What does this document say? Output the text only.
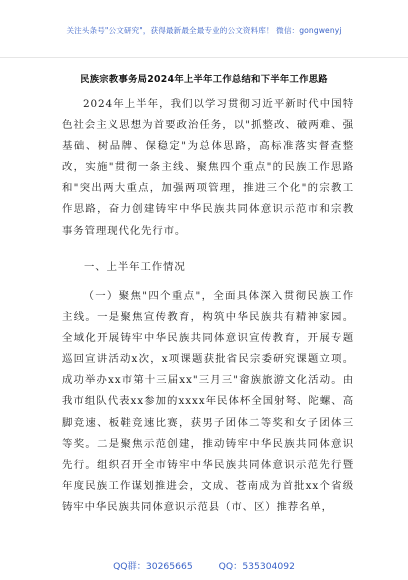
关注头条号"公文研究"，获得最新最全最专业的公文资料库！ 微信：gongwenyj
民族宗教事务局2024年上半年工作总结和下半年工作思路
2024年上半年，我们以学习贯彻习近平新时代中国特色社会主义思想为首要政治任务，以"抓整改、破两难、强基础、树品牌、保稳定"为总体思路，高标准落实督查整改，实施"贯彻一条主线、聚焦四个重点"的民族工作思路和"突出两大重点，加强两项管理，推进三个化"的宗教工作思路，奋力创建铸牢中华民族共同体意识示范市和宗教事务管理现代化先行市。
一、上半年工作情况
（一）聚焦"四个重点"，全面具体深入贯彻民族工作主线。一是聚焦宣传教育，构筑中华民族共有精神家园。全域化开展铸牢中华民族共同体意识宣传教育，开展专题巡回宣讲活动x次，x项课题获批省民宗委研究课题立项。成功举办xx市第十三届xx"三月三"畲族旅游文化活动。由我市组队代表xx参加的xxxx年民体杯全国射弩、陀螺、高脚竞速、板鞋竞速比赛，获男子团体二等奖和女子团体三等奖。二是聚焦示范创建，推动铸牢中华民族共同体意识先行。组织召开全市铸牢中华民族共同体意识示范先行暨年度民族工作谋划推进会，文成、苍南成为首批xx个省级铸牢中华民族共同体意识示范县（市、区）推荐名单，
QQ群：30265665	QQ：535304092
